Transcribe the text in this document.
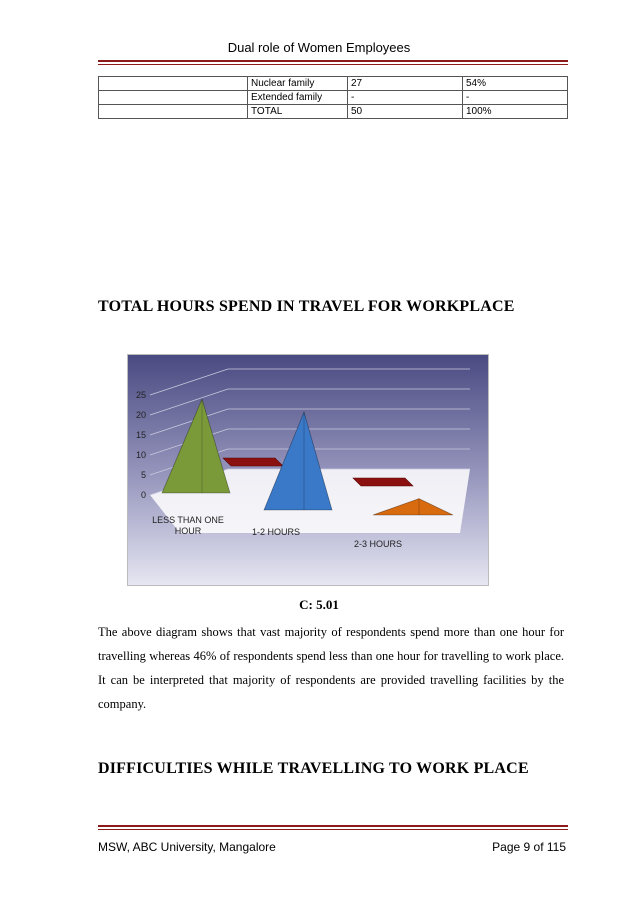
Dual role of Women Employees
	Nuclear family	27	54%
	Extended family	-	-
	TOTAL	50	100%
TOTAL HOURS SPEND IN TRAVEL FOR WORKPLACE
0
5
10
15
20
25
LESS THAN ONE HOUR	1-2 HOURS
2-3 HOURS
C: 5.01
The above diagram shows that vast majority of respondents spend more than one hour for travelling whereas 46% of respondents spend less than one hour for travelling to work place. It can be interpreted that majority of respondents are provided travelling facilities by the company.
DIFFICULTIES WHILE TRAVELLING TO WORK PLACE
MSW, ABC University, Mangalore	Page 9 of 115
